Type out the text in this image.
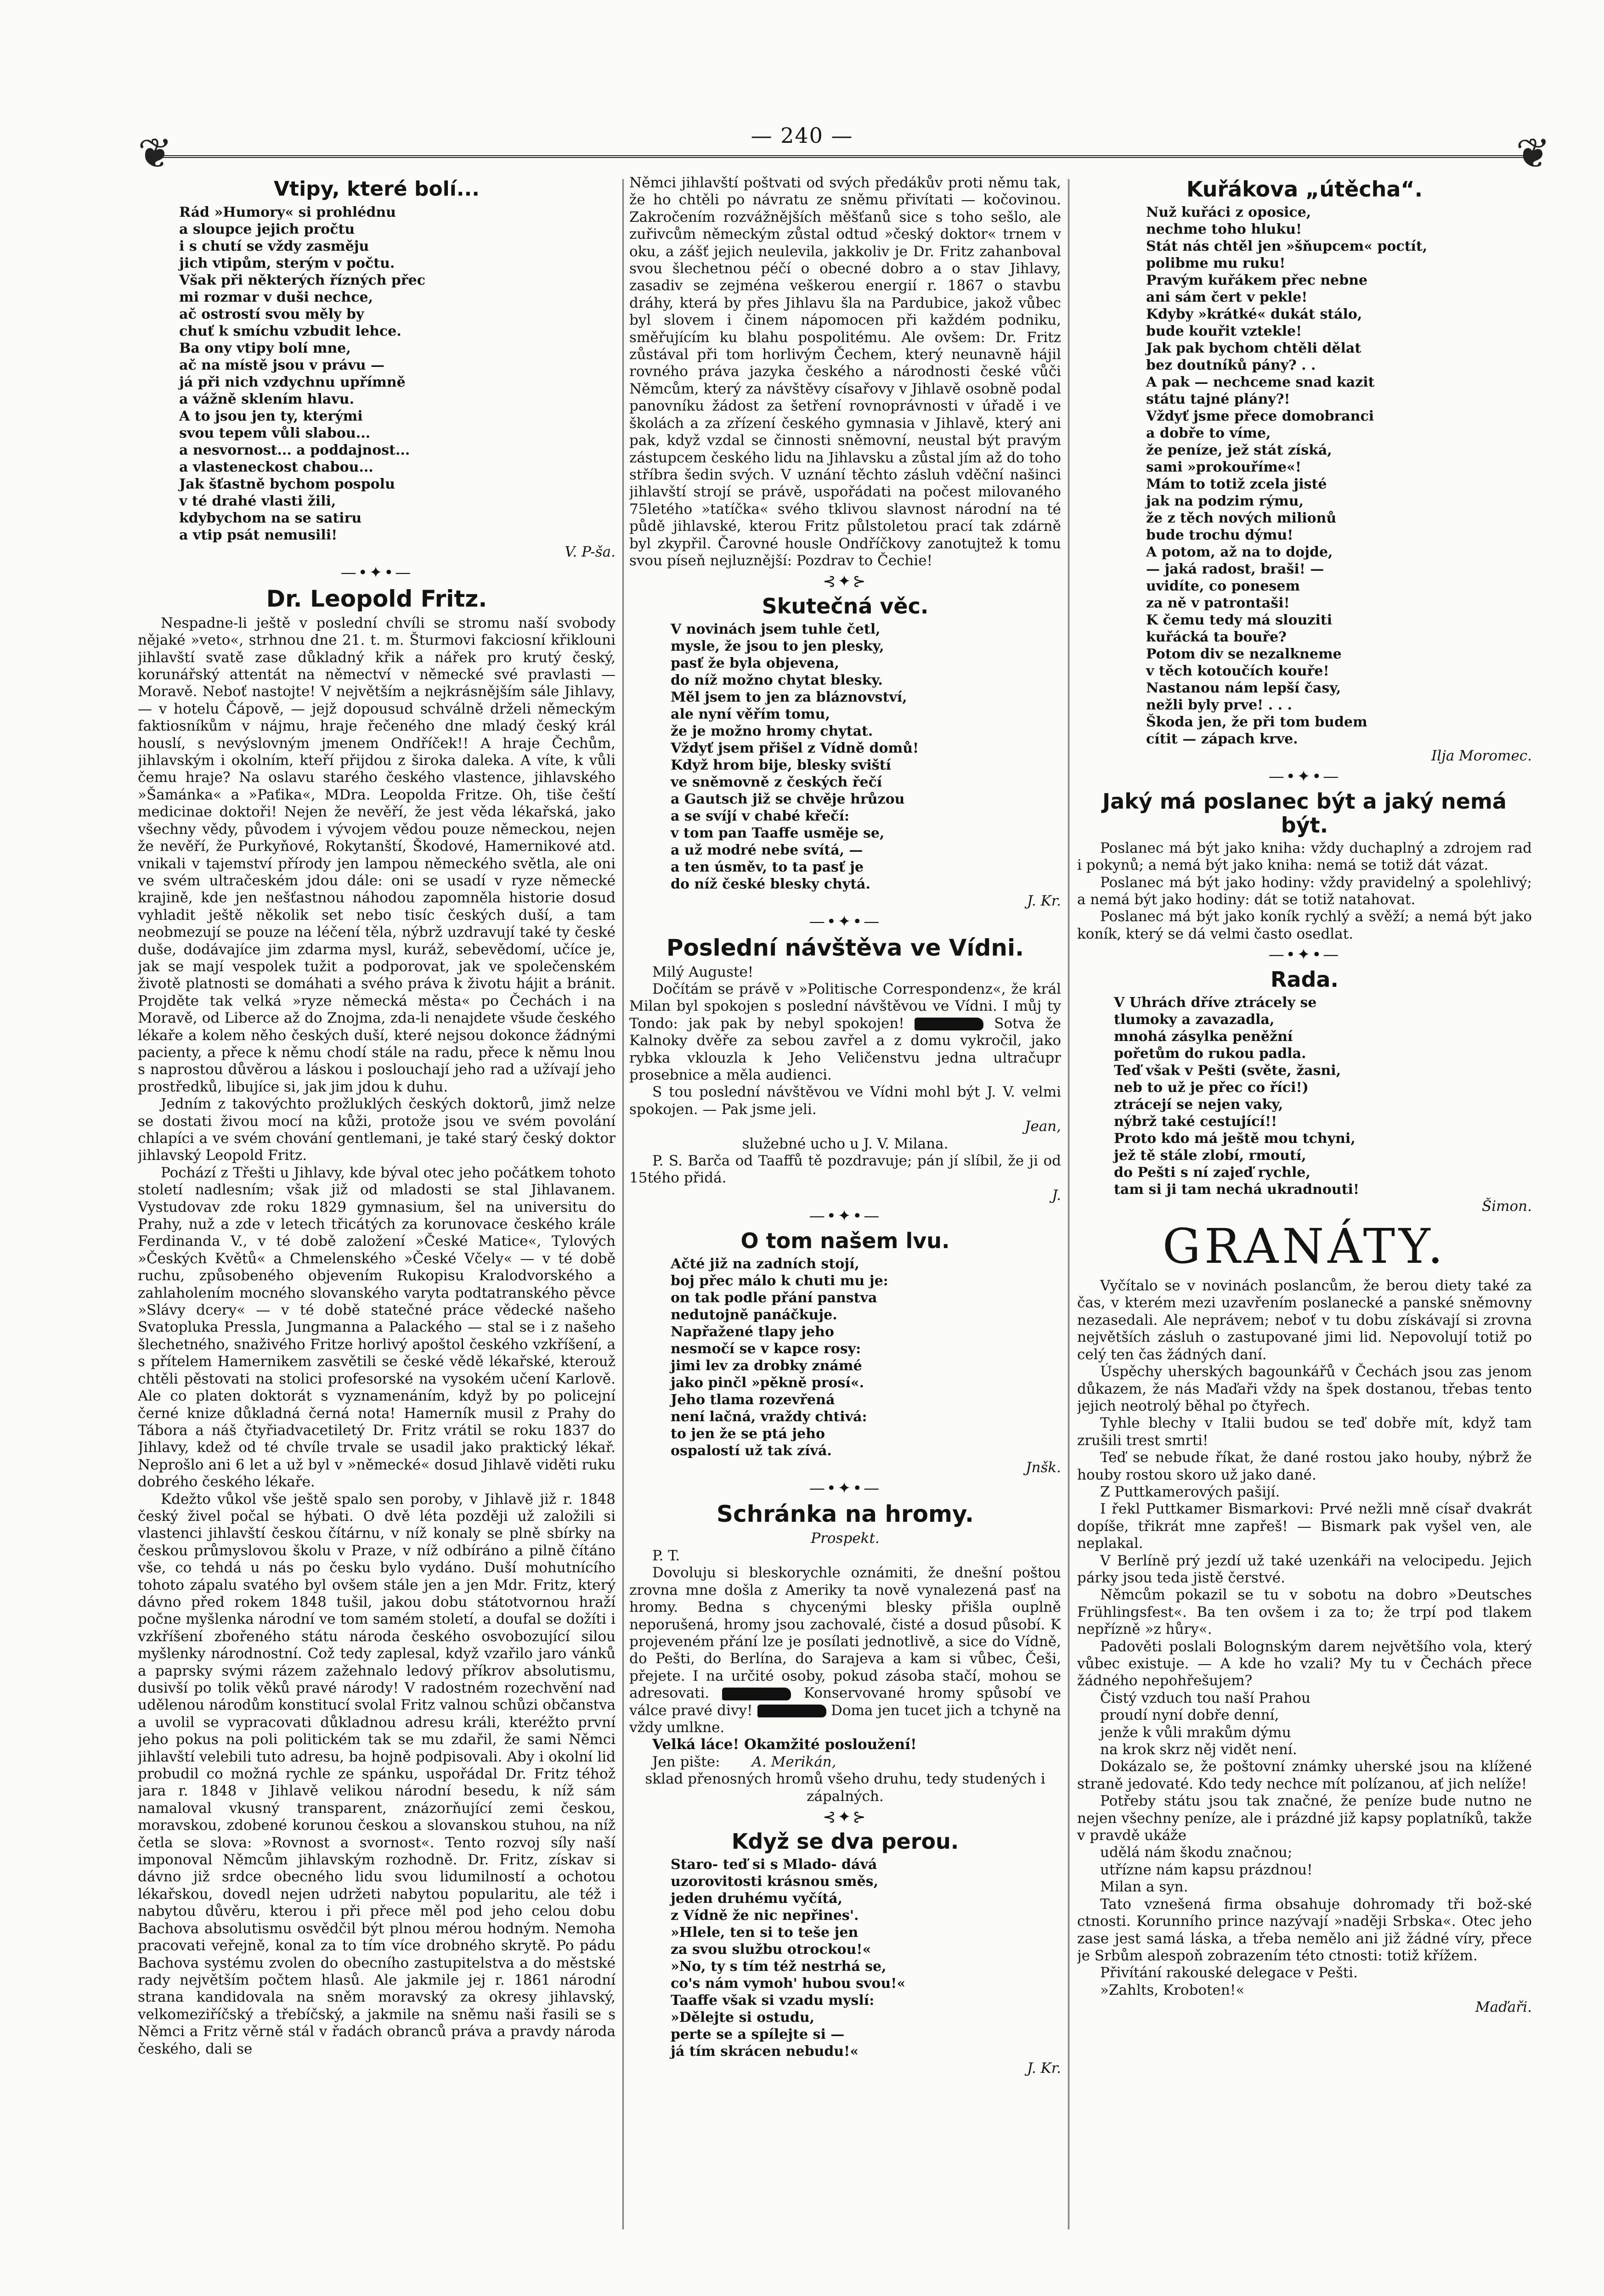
— 240 —
❦	❦
Vtipy, které bolí...

Rád »Humory« si prohlédnu

a sloupce jejich pročtu

i s chutí se vždy zasměju

jich vtipům, sterým v počtu.

Však při některých řízných přec

mi rozmar v duši nechce,

ač ostrostí svou měly by

chuť k smíchu vzbudit lehce.

Ba ony vtipy bolí mne,

ač na místě jsou v právu —

já při nich vzdychnu upřímně

a vážně sklením hlavu.

A to jsou jen ty, kterými

svou tepem vůli slabou...

a nesvornost... a poddajnost...

a vlasteneckost chabou...

Jak šťastně bychom pospolu

v té drahé vlasti žili,

kdybychom na se satiru

a vtip psát nemusili!

V. P-ša.
—•✦•—
Dr. Leopold Fritz.

Nespadne-li ještě v poslední chvíli se stromu naší svobody nějaké »veto«, strhnou dne 21. t. m. Šturmovi fakciosní křiklouni jihlavští svatě zase důkladný křik a nářek pro krutý český, korunářský attentát na němectví v německé své pravlasti — Moravě. Neboť nastojte! V největším a nejkrásnějším sále Jihlavy, — v hotelu Čápově, — jejž dopousud schválně drželi německým faktiosníkům v nájmu, hraje řečeného dne mladý český král houslí, s nevýslovným jmenem Ondříček!! A hraje Čechům, jihlavským i okolním, kteří přijdou z široka daleka. A víte, k vůli čemu hraje? Na oslavu starého českého vlastence, jihlavského »Šamánka« a »Paťika«, MDra. Leopolda Fritze. Oh, tiše čeští medicinae doktoři! Nejen že nevěří, že jest věda lékařská, jako všechny vědy, původem i vývojem vědou pouze německou, nejen že nevěří, že Purkyňové, Rokytanští, Škodové, Hamernikové atd. vnikali v tajemství přírody jen lampou německého světla, ale oni ve svém ultračeském jdou dále: oni se usadí v ryze německé krajině, kde jen nešťastnou náhodou zapomněla historie dosud vyhladit ještě několik set nebo tisíc českých duší, a tam neobmezují se pouze na léčení těla, nýbrž uzdravují také ty české duše, dodávajíce jim zdarma mysl, kuráž, sebevědomí, učíce je, jak se mají vespolek tužit a podporovat, jak ve společenském životě platnosti se domáhati a svého práva k životu hájit a bránit. Projděte tak velká »ryze německá města« po Čechách i na Moravě, od Liberce až do Znojma, zda-li nenajdete všude českého lékaře a kolem něho českých duší, které nejsou dokonce žádnými pacienty, a přece k němu chodí stále na radu, přece k němu lnou s naprostou důvěrou a láskou i poslouchají jeho rad a užívají jeho prostředků, libujíce si, jak jim jdou k duhu.

Jedním z takovýchto prožluklých českých doktorů, jimž nelze se dostati živou mocí na kůži, protože jsou ve svém povolání chlapíci a ve svém chování gentlemani, je také starý český doktor jihlavský Leopold Fritz.

Pochází z Třešti u Jihlavy, kde býval otec jeho počátkem tohoto století nadlesním; však již od mladosti se stal Jihlavanem. Vystudovav zde roku 1829 gymnasium, šel na universitu do Prahy, nuž a zde v letech třicátých za korunovace českého krále Ferdinanda V., v té době založení »České Matice«, Tylových »Českých Květů« a Chmelenského »České Včely« — v té době ruchu, způsobeného objevením Rukopisu Kralodvorského a zahlaholením mocného slovanského varyta podtatranského pěvce »Slávy dcery« — v té době statečné práce vědecké našeho Svatopluka Pressla, Jungmanna a Palackého — stal se i z našeho šlechetného, snaživého Fritze horlivý apoštol českého vzkříšení, a s přítelem Hamernikem zasvětili se české vědě lékařské, kterouž chtěli pěstovati na stolici profesorské na vysokém učení Karlově. Ale co platen doktorát s vyznamenáním, když by po policejní černé knize důkladná černá nota! Hamerník musil z Prahy do Tábora a náš čtyřiadvacetiletý Dr. Fritz vrátil se roku 1837 do Jihlavy, kdež od té chvíle trvale se usadil jako praktický lékař. Neprošlo ani 6 let a už byl v »německé« dosud Jihlavě viděti ruku dobrého českého lékaře.

Kdežto vůkol vše ještě spalo sen poroby, v Jihlavě již r. 1848 český živel počal se hýbati. O dvě léta později už založili si vlastenci jihlavští českou čítárnu, v níž konaly se plně sbírky na českou průmyslovou školu v Praze, v níž odbíráno a pilně čítáno vše, co tehdá u nás po česku bylo vydáno. Duší mohutnícího tohoto zápalu svatého byl ovšem stále jen a jen Mdr. Fritz, který dávno před rokem 1848 tušil, jakou dobu státotvornou hraží počne myšlenka národní ve tom samém století, a doufal se dožíti i vzkříšení zbořeného státu národa českého osvobozující silou myšlenky národnostní. Což tedy zaplesal, když vzařilo jaro vánků a paprsky svými rázem zažehnalo ledový příkrov absolutismu, dusivší po tolik věků pravé národy! V radostném rozechvění nad udělenou národům konstitucí svolal Fritz valnou schůzi občanstva a uvolil se vypracovati důkladnou adresu králi, kteréžto první jeho pokus na poli politickém tak se mu zdařil, že sami Němci jihlavští velebili tuto adresu, ba hojně podpisovali. Aby i okolní lid probudil co možná rychle ze spánku, uspořádal Dr. Fritz téhož jara r. 1848 v Jihlavě velikou národní besedu, k níž sám namaloval vkusný transparent, znázorňující zemi českou, moravskou, zdobené korunou českou a slovanskou stuhou, na níž četla se slova: »Rovnost a svornost«. Tento rozvoj síly naší imponoval Němcům jihlavským rozhodně. Dr. Fritz, získav si dávno již srdce obecného lidu svou lidumilností a ochotou lékařskou, dovedl nejen udržeti nabytou popularitu, ale též i nabytou důvěru, kterou i při přece měl pod jeho celou dobu Bachova absolutismu osvědčil být plnou mérou hodným. Nemoha pracovati veřejně, konal za to tím více drobného skrytě. Po pádu Bachova systému zvolen do obecního zastupitelstva a do městské rady největším počtem hlasů. Ale jakmile jej r. 1861 národní strana kandidovala na sněm moravský za okresy jihlavský, velkomeziříčský a třebíčský, a jakmile na sněmu naši řasili se s Němci a Fritz věrně stál v řadách obranců práva a pravdy národa českého, dali se

Němci jihlavští poštvati od svých předákův proti němu tak, že ho chtěli po návratu ze sněmu přivítati — kočovinou. Zakročením rozvážnějších měšťanů sice s toho sešlo, ale zuřivcům německým zůstal odtud »český doktor« trnem v oku, a zášť jejich neulevila, jakkoliv je Dr. Fritz zahanboval svou šlechetnou péčí o obecné dobro a o stav Jihlavy, zasadiv se zejména veškerou energií r. 1867 o stavbu dráhy, která by přes Jihlavu šla na Pardubice, jakož vůbec byl slovem i činem nápomocen při každém podniku, směřujícím ku blahu pospolitému. Ale ovšem: Dr. Fritz zůstával při tom horlivým Čechem, který neunavně hájil rovného práva jazyka českého a národnosti české vůči Němcům, který za návštěvy císařovy v Jihlavě osobně podal panovníku žádost za šetření rovnoprávnosti v úřadě i ve školách a za zřízení českého gymnasia v Jihlavě, který ani pak, když vzdal se činnosti sněmovní, neustal být pravým zástupcem českého lidu na Jihlavsku a zůstal jím až do toho stříbra šedin svých. V uznání těchto zásluh vděční našinci jihlavští strojí se právě, uspořádati na počest milovaného 75letého »tatíčka« svého tklivou slavnost národní na té půdě jihlavské, kterou Fritz půlstoletou prací tak zdárně byl zkypřil. Čarovné housle Ondříčkovy zanotujtež k tomu svou píseň nejluznější: Pozdrav to Čechie!

⊰✦⊱
Skutečná věc.

V novinách jsem tuhle četl,

mysle, že jsou to jen plesky,

pasť že byla objevena,

do níž možno chytat blesky.

Měl jsem to jen za bláznovství,

ale nyní věřím tomu,

že je možno hromy chytat.

Vždyť jsem přišel z Vídně domů!

Když hrom bije, blesky sviští

ve sněmovně z českých řečí

a Gautsch již se chvěje hrůzou

a se svíjí v chabé křečí:

v tom pan Taaffe usměje se,

a už modré nebe svítá, —

a ten úsměv, to ta pasť je

do níž české blesky chytá.

J. Kr.
—•✦•—
Poslední návštěva ve Vídni.

Milý Auguste!

Dočítám se právě v »Politische Correspondenz«, že král Milan byl spokojen s poslední návštěvou ve Vídni. I můj ty Tondo: jak pak by nebyl spokojen!	Sotva že Kalnoky dvěře za sebou zavřel a z domu vykročil, jako rybka vklouzla k Jeho Veličenstvu jedna ultračupr prosebnice a měla audienci.

S tou poslední návštěvou ve Vídni mohl být J. V. velmi spokojen. — Pak jsme jeli.

Jean,
služebné ucho u J. V. Milana.

P. S. Barča od Taaffů tě pozdravuje; pán jí slíbil, že ji od 15tého přidá.

J.
—•✦•—
O tom našem lvu.

Ačté již na zadních stojí,

boj přec málo k chuti mu je:

on tak podle přání panstva

nedutojně panáčkuje.

Napřažené tlapy jeho

nesmočí se v kapce rosy:

jimi lev za drobky známé

jako pinčl »pěkně prosí«.

Jeho tlama rozevřená

není lačná, vraždy chtivá:

to jen že se ptá jeho

ospalostí už tak zívá.

Jnšk.
—•✦•—
Schránka na hromy.
Prospekt.

P. T.

Dovoluju si bleskorychle oznámiti, že dnešní poštou zrovna mne došla z Ameriky ta nově vynalezená pasť na hromy. Bedna s chycenými blesky přišla ouplně neporušená, hromy jsou zachovalé, čisté a dosud působí. K projeveném přání lze je posílati jednotlivě, a sice do Vídně, do Pešti, do Berlína, do Sarajeva a kam si vůbec, Češi, přejete. I na určité osoby, pokud zásoba stačí, mohou se adresovati.	Konservované hromy spůsobí ve válce pravé divy!	Doma jen tucet jich a tchyně na vždy umlkne.

Velká láce! Okamžité posloužení!

Jen pište: A. Merikán,

sklad přenosných hromů všeho druhu, tedy studených i zápalných.
⊰✦⊱
Když se dva perou.

Staro- teď si s Mlado- dává

uzorovitosti krásnou směs,

jeden druhému vyčítá,

z Vídně že nic nepřines'.

»Hlele, ten si to teše jen

za svou službu otrockou!«

»No, ty s tím též nestrhá se,

co's nám vymoh' hubou svou!«

Taaffe však si vzadu myslí:

»Dělejte si ostudu,

perte se a spílejte si —

já tím skrácen nebudu!«

J. Kr.
Kuřákova „útěcha“.

Nuž kuřáci z oposice,

nechme toho hluku!

Stát nás chtěl jen »šňupcem« poctít,

polibme mu ruku!

Pravým kuřákem přec nebne

ani sám čert v pekle!

Kdyby »krátké« dukát stálo,

bude kouřit vztekle!

Jak pak bychom chtěli dělat

bez doutníků pány? . .

A pak — nechceme snad kazit

státu tajné plány?!

Vždyť jsme přece domobranci

a dobře to víme,

že peníze, jež stát získá,

sami »prokouříme«!

Mám to totiž zcela jisté

jak na podzim rýmu,

že z těch nových milionů

bude trochu dýmu!

A potom, až na to dojde,

— jaká radost, braši! —

uvidíte, co ponesem

za ně v patrontaši!

K čemu tedy má slouziti

kuřácká ta bouře?

Potom div se nezalkneme

v těch kotoučích kouře!

Nastanou nám lepší časy,

nežli byly prve! . . .

Škoda jen, že při tom budem

cítit — zápach krve.

Ilja Moromec.
—•✦•—
Jaký má poslanec být a jaký nemá být.

Poslanec má být jako kniha: vždy duchaplný a zdrojem rad i pokynů; a nemá být jako kniha: nemá se totiž dát vázat.

Poslanec má být jako hodiny: vždy pravidelný a spolehlivý; a nemá být jako hodiny: dát se totiž natahovat.

Poslanec má být jako koník rychlý a svěží; a nemá být jako koník, který se dá velmi často osedlat.

—•✦•—
Rada.

V Uhrách dříve ztrácely se

tlumoky a zavazadla,

mnohá zásylka peněžní

pořetům do rukou padla.

Teď však v Pešti (světe, žasni,

neb to už je přec co říci!)

ztrácejí se nejen vaky,

nýbrž také cestující!!

Proto kdo má ještě mou tchyni,

jež tě stále zlobí, rmoutí,

do Pešti s ní zajeď rychle,

tam si ji tam nechá ukradnouti!

Šimon.
GRANÁTY.

Vyčítalo se v novinách poslancům, že berou diety také za čas, v kterém mezi uzavřením poslanecké a panské sněmovny nezasedali. Ale neprávem; neboť v tu dobu získávají si zrovna největších zásluh o zastupované jimi lid. Nepovolují totiž po celý ten čas žádných daní.

Úspěchy uherských bagounkářů v Čechách jsou zas jenom důkazem, že nás Maďaři vždy na špek dostanou, třebas tento jejich neotrolý běhal po čtyřech.

Tyhle blechy v Italii budou se teď dobře mít, když tam zrušili trest smrti!

Teď se nebude říkat, že dané rostou jako houby, nýbrž že houby rostou skoro už jako dané.

Z Puttkamerových pašijí.

I řekl Puttkamer Bismarkovi: Prvé nežli mně císař dvakrát dopíše, třikrát mne zapřeš! — Bismark pak vyšel ven, ale neplakal.

V Berlíně prý jezdí už také uzenkáři na velocipedu. Jejich párky jsou teda jistě čerstvé.

Němcům pokazil se tu v sobotu na dobro »Deutsches Frühlingsfest«. Ba ten ovšem i za to; že trpí pod tlakem nepřízně »z hůry«.

Padověti poslali Bolognským darem největšího vola, který vůbec existuje. — A kde ho vzali? My tu v Čechách přece žádného nepohřešujem?

Čistý vzduch tou naší Prahou

proudí nyní dobře denní,

jenže k vůli mrakům dýmu

na krok skrz něj vidět není.

Dokázalo se, že poštovní známky uherské jsou na klížené straně jedovaté. Kdo tedy nechce mít polízanou, ať jich nelíže!

Potřeby státu jsou tak značné, že peníze bude nutno ne nejen všechny peníze, ale i prázdné již kapsy poplatníků, takže v pravdě ukáže

udělá nám škodu značnou;

utřízne nám kapsu prázdnou!

Milan a syn.

Tato vznešená firma obsahuje dohromady tři bož-ské ctnosti. Korunního prince nazývají »naději Srbska«. Otec jeho zase jest samá láska, a třeba nemělo ani již žádné víry, přece je Srbům alespoň zobrazením této ctnosti: totiž křížem.

Přivítání rakouské delegace v Pešti.

»Zahlts, Kroboten!«

Maďaři.
